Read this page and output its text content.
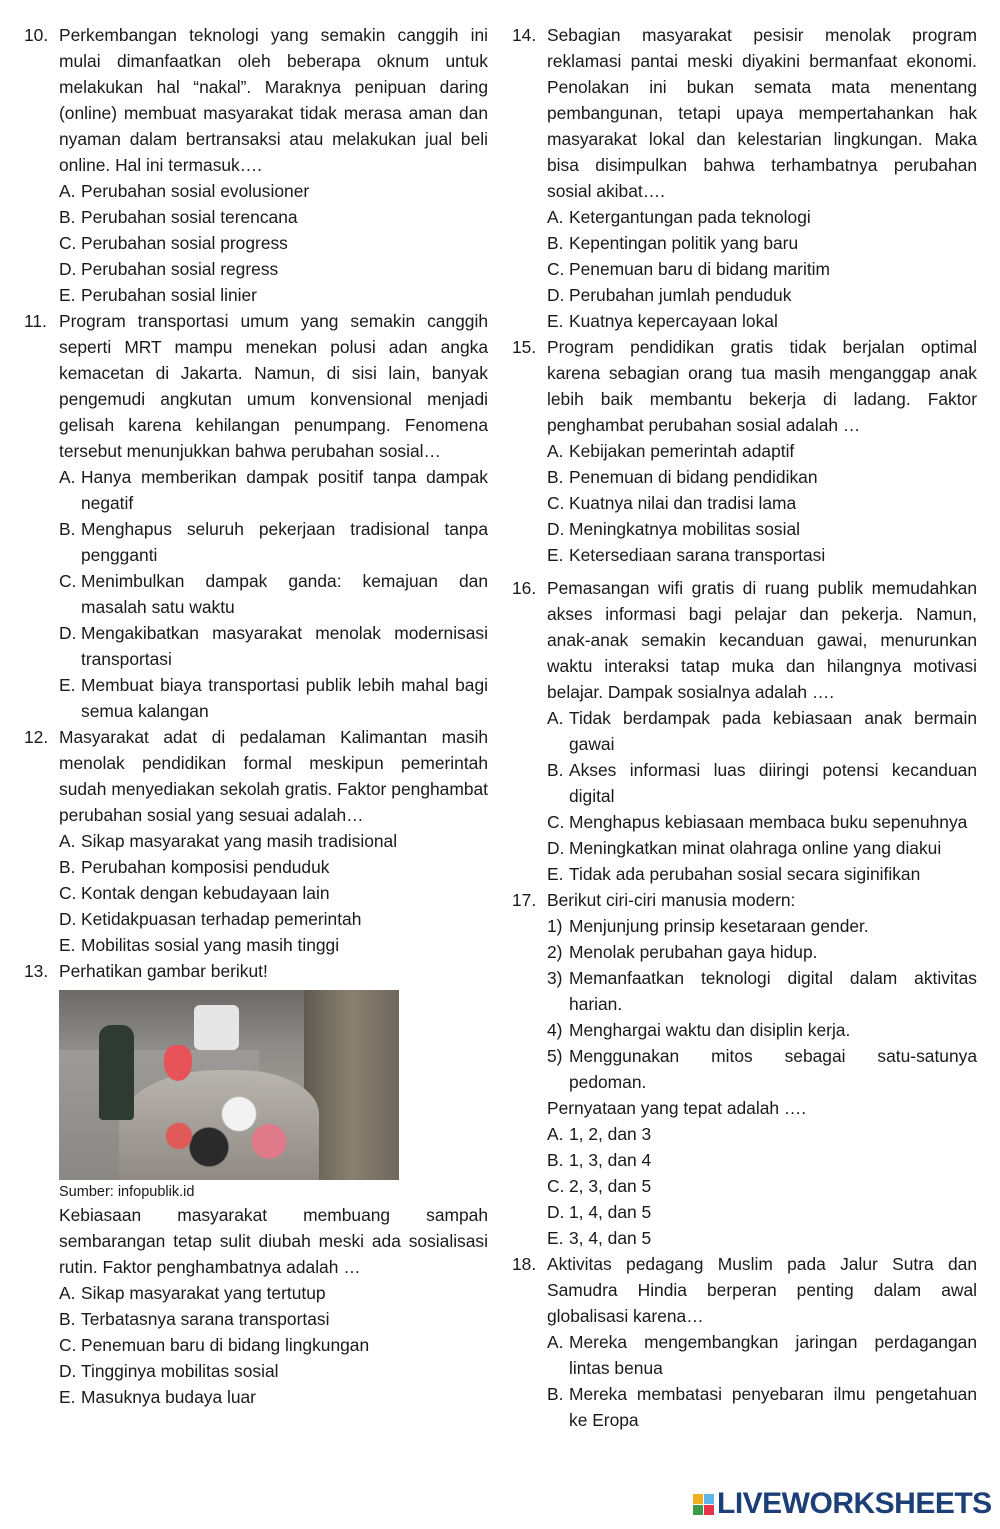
10. Perkembangan teknologi yang semakin canggih ini mulai dimanfaatkan oleh beberapa oknum untuk melakukan hal “nakal”. Maraknya penipuan daring (online) membuat masyarakat tidak merasa aman dan nyaman dalam bertransaksi atau melakukan jual beli online. Hal ini termasuk….
A. Perubahan sosial evolusioner
B. Perubahan sosial terencana
C. Perubahan sosial progress
D. Perubahan sosial regress
E. Perubahan sosial linier
11. Program transportasi umum yang semakin canggih seperti MRT mampu menekan polusi adan angka kemacetan di Jakarta. Namun, di sisi lain, banyak pengemudi angkutan umum konvensional menjadi gelisah karena kehilangan penumpang. Fenomena tersebut menunjukkan bahwa perubahan sosial…
A. Hanya memberikan dampak positif tanpa dampak negatif
B. Menghapus seluruh pekerjaan tradisional tanpa pengganti
C. Menimbulkan dampak ganda: kemajuan dan masalah satu waktu
D. Mengakibatkan masyarakat menolak modernisasi transportasi
E. Membuat biaya transportasi publik lebih mahal bagi semua kalangan
12. Masyarakat adat di pedalaman Kalimantan masih menolak pendidikan formal meskipun pemerintah sudah menyediakan sekolah gratis. Faktor penghambat perubahan sosial yang sesuai adalah…
A. Sikap masyarakat yang masih tradisional
B. Perubahan komposisi penduduk
C. Kontak dengan kebudayaan lain
D. Ketidakpuasan terhadap pemerintah
E. Mobilitas sosial yang masih tinggi
13. Perhatikan gambar berikut!
Sumber: infopublik.id
Kebiasaan masyarakat membuang sampah sembarangan tetap sulit diubah meski ada sosialisasi rutin. Faktor penghambatnya adalah …
A. Sikap masyarakat yang tertutup
B. Terbatasnya sarana transportasi
C. Penemuan baru di bidang lingkungan
D. Tingginya mobilitas sosial
E. Masuknya budaya luar
14. Sebagian masyarakat pesisir menolak program reklamasi pantai meski diyakini bermanfaat ekonomi. Penolakan ini bukan semata mata menentang pembangunan, tetapi upaya mempertahankan hak masyarakat lokal dan kelestarian lingkungan. Maka bisa disimpulkan bahwa terhambatnya perubahan sosial akibat….
A. Ketergantungan pada teknologi
B. Kepentingan politik yang baru
C. Penemuan baru di bidang maritim
D. Perubahan jumlah penduduk
E. Kuatnya kepercayaan lokal
15. Program pendidikan gratis tidak berjalan optimal karena sebagian orang tua masih menganggap anak lebih baik membantu bekerja di ladang. Faktor penghambat perubahan sosial adalah …
A. Kebijakan pemerintah adaptif
B. Penemuan di bidang pendidikan
C. Kuatnya nilai dan tradisi lama
D. Meningkatnya mobilitas sosial
E. Ketersediaan sarana transportasi
16. Pemasangan wifi gratis di ruang publik memudahkan akses informasi bagi pelajar dan pekerja. Namun, anak-anak semakin kecanduan gawai, menurunkan waktu interaksi tatap muka dan hilangnya motivasi belajar. Dampak sosialnya adalah ….
A. Tidak berdampak pada kebiasaan anak bermain gawai
B. Akses informasi luas diiringi potensi kecanduan digital
C. Menghapus kebiasaan membaca buku sepenuhnya
D. Meningkatkan minat olahraga online yang diakui
E. Tidak ada perubahan sosial secara siginifikan
17. Berikut ciri-ciri manusia modern:
1) Menjunjung prinsip kesetaraan gender.
2) Menolak perubahan gaya hidup.
3) Memanfaatkan teknologi digital dalam aktivitas harian.
4) Menghargai waktu dan disiplin kerja.
5) Menggunakan mitos sebagai satu-satunya pedoman.
Pernyataan yang tepat adalah ….
A. 1, 2, dan 3
B. 1, 3, dan 4
C. 2, 3, dan 5
D. 1, 4, dan 5
E. 3, 4, dan 5
18. Aktivitas pedagang Muslim pada Jalur Sutra dan Samudra Hindia berperan penting dalam awal globalisasi karena…
A. Mereka mengembangkan jaringan perdagangan lintas benua
B. Mereka membatasi penyebaran ilmu pengetahuan ke Eropa
LIVEWORKSHEETS
